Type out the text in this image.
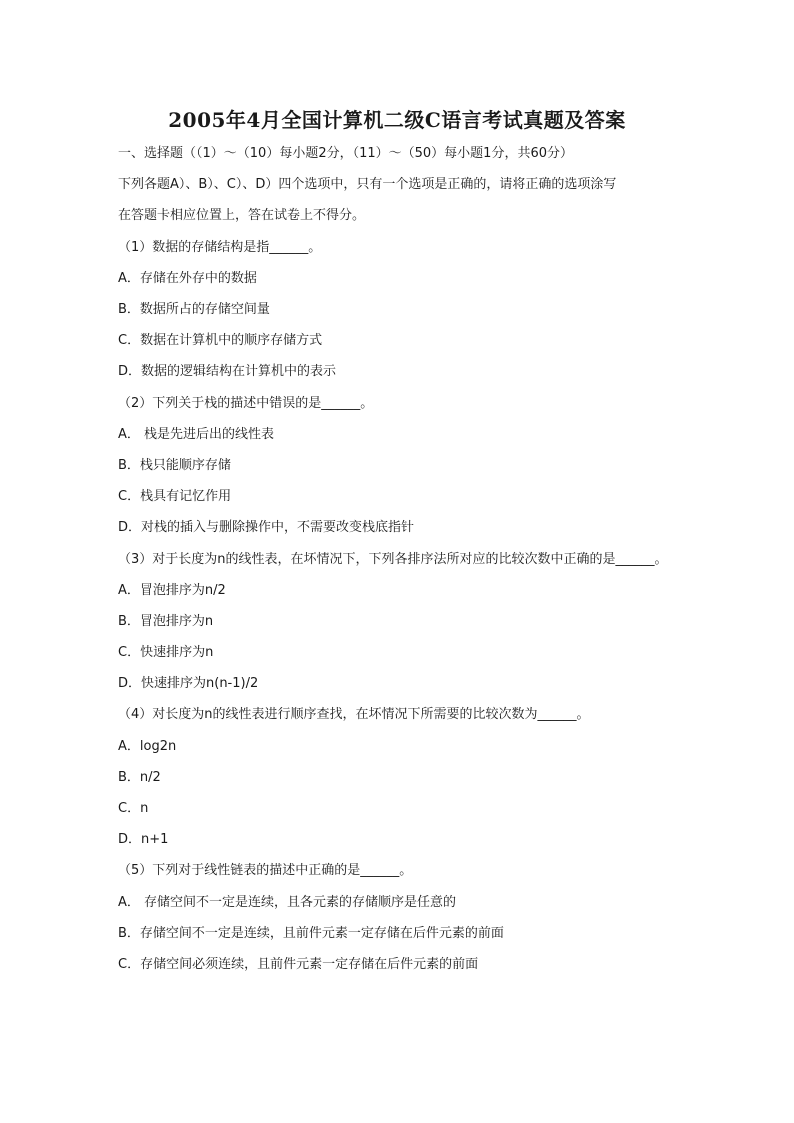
2005年4月全国计算机二级C语言考试真题及答案
一、选择题（（1）～（10）每小题2分，（11）～（50）每小题1分，共60分）
下列各题A）、B）、C）、D）四个选项中，只有一个选项是正确的，请将正确的选项涂写
在答题卡相应位置上，答在试卷上不得分。
（1）数据的存储结构是指______。
A．存储在外存中的数据
B．数据所占的存储空间量
C．数据在计算机中的顺序存储方式
D．数据的逻辑结构在计算机中的表示
（2）下列关于栈的描述中错误的是______。
A． 栈是先进后出的线性表
B．栈只能顺序存储
C．栈具有记忆作用
D．对栈的插入与删除操作中，不需要改变栈底指针
（3）对于长度为n的线性表，在坏情况下，下列各排序法所对应的比较次数中正确的是______。
A．冒泡排序为n/2
B．冒泡排序为n
C．快速排序为n
D．快速排序为n(n-1)/2
（4）对长度为n的线性表进行顺序查找，在坏情况下所需要的比较次数为______。
A．log2n
B．n/2
C．n
D．n+1
（5）下列对于线性链表的描述中正确的是______。
A． 存储空间不一定是连续，且各元素的存储顺序是任意的
B．存储空间不一定是连续，且前件元素一定存储在后件元素的前面
C．存储空间必须连续，且前件元素一定存储在后件元素的前面
